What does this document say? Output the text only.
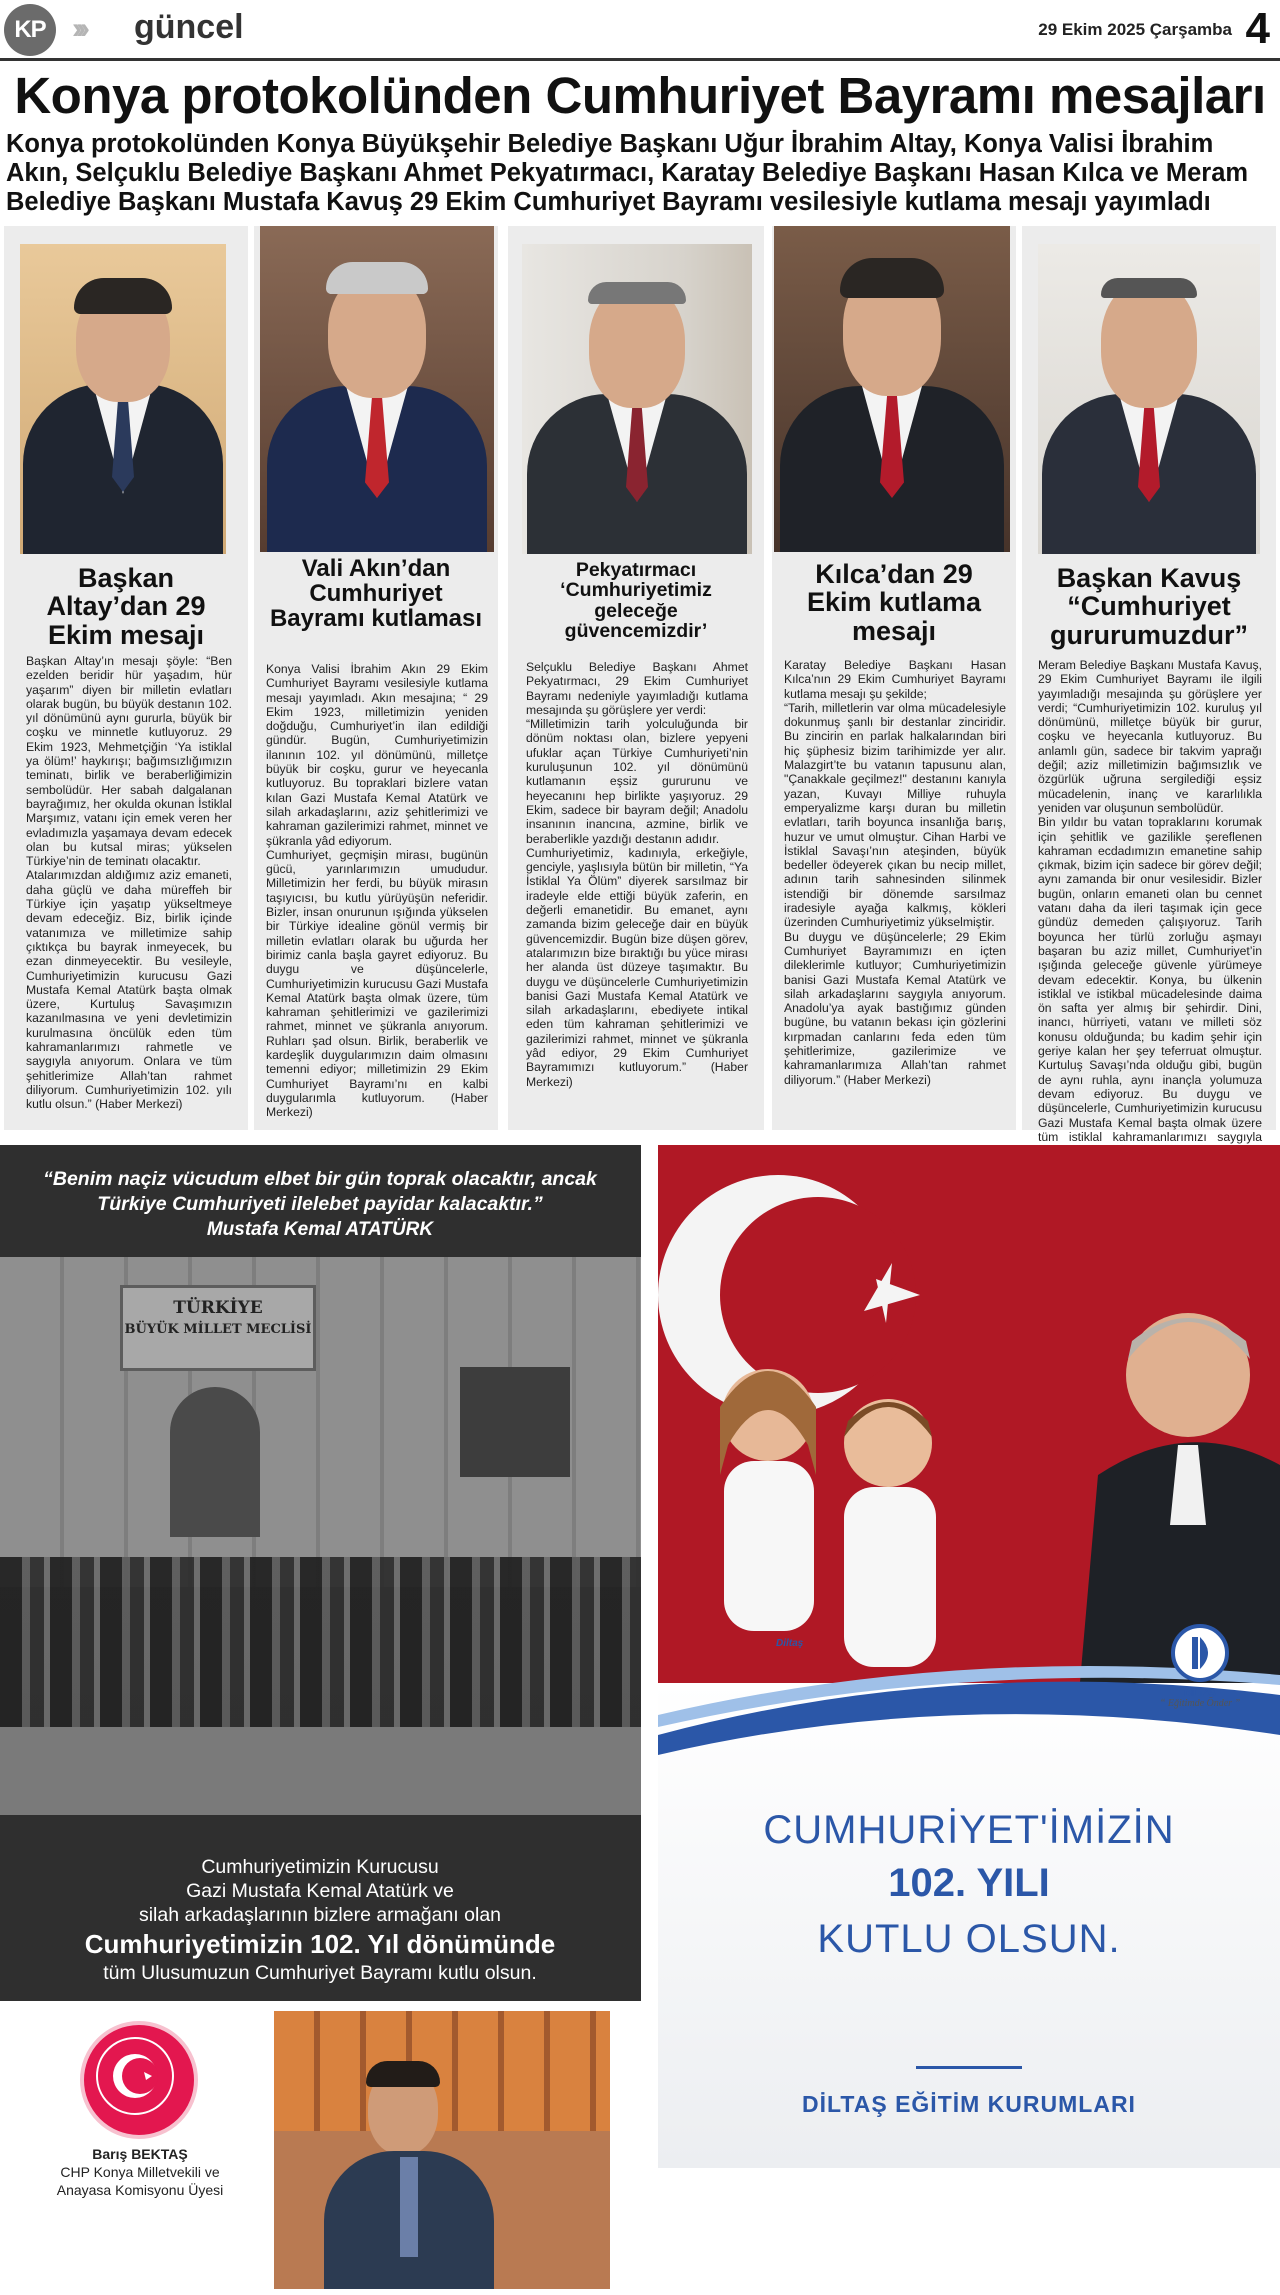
KP ››› güncel	29 Ekim 2025 Çarşamba 4
Konya protokolünden Cumhuriyet Bayramı mesajları
Konya protokolünden Konya Büyükşehir Belediye Başkanı Uğur İbrahim Altay, Konya Valisi İbrahim Akın, Selçuklu Belediye Başkanı Ahmet Pekyatırmacı, Karatay Belediye Başkanı Hasan Kılca ve Meram Belediye Başkanı Mustafa Kavuş 29 Ekim Cumhuriyet Bayramı vesilesiyle kutlama mesajı yayımladı
Başkan Altay’dan 29 Ekim mesajı
Başkan Altay’ın mesajı şöyle: “Ben ezelden beridir hür yaşadım, hür yaşarım” diyen bir milletin evlatları olarak bugün, bu büyük destanın 102. yıl dönümünü aynı gururla, büyük bir coşku ve minnetle kutluyoruz. 29 Ekim 1923, Mehmetçiğin ‘Ya istiklal ya ölüm!’ haykırışı; bağımsızlığımızın teminatı, birlik ve beraberliğimizin sembolüdür. Her sabah dalgalanan bayrağımız, her okulda okunan İstiklal Marşımız, vatanı için emek veren her evladımızla yaşamaya devam edecek olan bu kutsal miras; yükselen Türkiye’nin de teminatı olacaktır.
Atalarımızdan aldığımız aziz emaneti, daha güçlü ve daha müreffeh bir Türkiye için yaşatıp yükseltmeye devam edeceğiz. Biz, birlik içinde vatanımıza ve milletimize sahip çıktıkça bu bayrak inmeyecek, bu ezan dinmeyecektir. Bu vesileyle, Cumhuriyetimizin kurucusu Gazi Mustafa Kemal Atatürk başta olmak üzere, Kurtuluş Savaşımızın kazanılmasına ve yeni devletimizin kurulmasına öncülük eden tüm kahramanlarımızı rahmetle ve saygıyla anıyorum. Onlara ve tüm şehitlerimize Allah’tan rahmet diliyorum. Cumhuriyetimizin 102. yılı kutlu olsun.” (Haber Merkezi)
Vali Akın’dan Cumhuriyet Bayramı kutlaması
Konya Valisi İbrahim Akın 29 Ekim Cumhuriyet Bayramı vesilesiyle kutlama mesajı yayımladı. Akın mesajına; “ 29 Ekim 1923, milletimizin yeniden doğduğu, Cumhuriyet’in ilan edildiği gündür. Bugün, Cumhuriyetimizin ilanının 102. yıl dönümünü, milletçe büyük bir coşku, gurur ve heyecanla kutluyoruz. Bu topraklari bizlere vatan kılan Gazi Mustafa Kemal Atatürk ve silah arkadaşlarını, aziz şehitlerimizi ve kahraman gazilerimizi rahmet, minnet ve şükranla yâd ediyorum.
Cumhuriyet, geçmişin mirası, bugünün gücü, yarınlarımızın umududur. Milletimizin her ferdi, bu büyük mirasın taşıyıcısı, bu kutlu yürüyüşün neferidir. Bizler, insan onurunun ışığında yükselen bir Türkiye idealine gönül vermiş bir milletin evlatları olarak bu uğurda her birimiz canla başla gayret ediyoruz. Bu duygu ve düşüncelerle, Cumhuriyetimizin kurucusu Gazi Mustafa Kemal Atatürk başta olmak üzere, tüm kahraman şehitlerimizi ve gazilerimizi rahmet, minnet ve şükranla anıyorum. Ruhları şad olsun. Birlik, beraberlik ve kardeşlik duygularımızın daim olmasını temenni ediyor; milletimizin 29 Ekim Cumhuriyet Bayramı’nı en kalbi duygularımla kutluyorum. (Haber Merkezi)
Pekyatırmacı ‘Cumhuriyetimiz geleceğe güvencemizdir’
Selçuklu Belediye Başkanı Ahmet Pekyatırmacı, 29 Ekim Cumhuriyet Bayramı nedeniyle yayımladığı kutlama mesajında şu görüşlere yer verdi:
“Milletimizin tarih yolculuğunda bir dönüm noktası olan, bizlere yepyeni ufuklar açan Türkiye Cumhuriyeti’nin kuruluşunun 102. yıl dönümünü kutlamanın eşsiz gururunu ve heyecanını hep birlikte yaşıyoruz. 29 Ekim, sadece bir bayram değil; Anadolu insanının inancına, azmine, birlik ve beraberlikle yazdığı destanın adıdır.
Cumhuriyetimiz, kadınıyla, erkeğiyle, genciyle, yaşlısıyla bütün bir milletin, “Ya İstiklal Ya Ölüm” diyerek sarsılmaz bir iradeyle elde ettiği büyük zaferin, en değerli emanetidir. Bu emanet, aynı zamanda bizim geleceğe dair en büyük güvencemizdir. Bugün bize düşen görev, atalarımızın bize bıraktığı bu yüce mirası her alanda üst düzeye taşımaktır. Bu duygu ve düşüncelerle Cumhuriyetimizin banisi Gazi Mustafa Kemal Atatürk ve silah arkadaşlarını, ebediyete intikal eden tüm kahraman şehitlerimizi ve gazilerimizi rahmet, minnet ve şükranla yâd ediyor, 29 Ekim Cumhuriyet Bayramımızı kutluyorum.” (Haber Merkezi)
Kılca’dan 29 Ekim kutlama mesajı
Karatay Belediye Başkanı Hasan Kılca’nın 29 Ekim Cumhuriyet Bayramı kutlama mesajı şu şekilde;
“Tarih, milletlerin var olma mücadelesiyle dokunmuş şanlı bir destanlar zinciridir. Bu zincirin en parlak halkalarından biri hiç şüphesiz bizim tarihimizde yer alır. Malazgirt’te bu vatanın tapusunu alan, "Çanakkale geçilmez!" destanını kanıyla yazan, Kuvayı Milliye ruhuyla emperyalizme karşı duran bu milletin evlatları, tarih boyunca insanlığa barış, huzur ve umut olmuştur. Cihan Harbi ve İstiklal Savaşı’nın ateşinden, büyük bedeller ödeyerek çıkan bu necip millet, adının tarih sahnesinden silinmek istendiği bir dönemde sarsılmaz iradesiyle ayağa kalkmış, kökleri üzerinden Cumhuriyetimiz yükselmiştir.
Bu duygu ve düşüncelerle; 29 Ekim Cumhuriyet Bayramımızı en içten dileklerimle kutluyor; Cumhuriyetimizin banisi Gazi Mustafa Kemal Atatürk ve silah arkadaşlarını saygıyla anıyorum. Anadolu’ya ayak bastığımız günden bugüne, bu vatanın bekası için gözlerini kırpmadan canlarını feda eden tüm şehitlerimize, gazilerimize ve kahramanlarımıza Allah’tan rahmet diliyorum.” (Haber Merkezi)
Başkan Kavuş “Cumhuriyet gururumuzdur”
Meram Belediye Başkanı Mustafa Kavuş, 29 Ekim Cumhuriyet Bayramı ile ilgili yayımladığı mesajında şu görüşlere yer verdi; “Cumhuriyetimizin 102. kuruluş yıl dönümünü, milletçe büyük bir gurur, coşku ve heyecanla kutluyoruz. Bu anlamlı gün, sadece bir takvim yaprağı değil; aziz milletimizin bağımsızlık ve özgürlük uğruna sergilediği eşsiz mücadelenin, inanç ve kararlılıkla yeniden var oluşunun sembolüdür.
Bin yıldır bu vatan topraklarını korumak için şehitlik ve gazilikle şereflenen kahraman ecdadımızın emanetine sahip çıkmak, bizim için sadece bir görev değil; aynı zamanda bir onur vesilesidir. Bizler bugün, onların emaneti olan bu cennet vatanı daha da ileri taşımak için gece gündüz demeden çalışıyoruz. Tarih boyunca her türlü zorluğu aşmayı başaran bu aziz millet, Cumhuriyet’in ışığında geleceğe güvenle yürümeye devam edecektir. Konya, bu ülkenin istiklal ve istikbal mücadelesinde daima ön safta yer almış bir şehirdir. Dini, inancı, hürriyeti, vatanı ve milleti söz konusu olduğunda; bu kadim şehir için geriye kalan her şey teferruat olmuştur. Kurtuluş Savaşı’nda olduğu gibi, bugün de aynı ruhla, aynı inançla yolumuza devam ediyoruz. Bu duygu ve düşüncelerle, Cumhuriyetimizin kurucusu Gazi Mustafa Kemal başta olmak üzere tüm istiklal kahramanlarımızı saygıyla
“Benim naçiz vücudum elbet bir gün toprak olacaktır, ancak Türkiye Cumhuriyeti ilelebet payidar kalacaktır.”
Mustafa Kemal ATATÜRK
TÜRKİYE
BÜYÜK MİLLET MECLİSİ
Cumhuriyetimizin Kurucusu
Gazi Mustafa Kemal Atatürk ve
silah arkadaşlarının bizlere armağanı olan
Cumhuriyetimizin 102. Yıl dönümünde
tüm Ulusumuzun Cumhuriyet Bayramı kutlu olsun.
Barış BEKTAŞ
CHP Konya Milletvekili ve
Anayasa Komisyonu Üyesi
Diltaş
DİLTAŞ
“ Eğitimde Önder ”
CUMHURİYET'İMİZİN
102. YILI
KUTLU OLSUN.
DİLTAŞ EĞİTİM KURUMLARI
